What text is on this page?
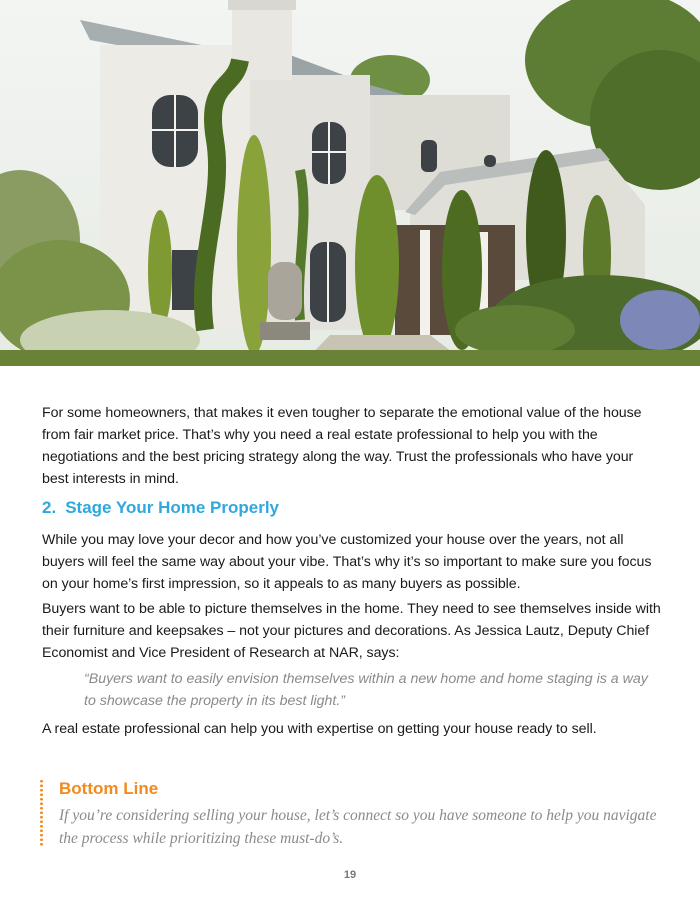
For some homeowners, that makes it even tougher to separate the emotional value of the house from fair market price. That’s why you need a real estate professional to help you with the negotiations and the best pricing strategy along the way. Trust the professionals who have your best interests in mind.

2. Stage Your Home Properly

While you may love your decor and how you’ve customized your house over the years, not all buyers will feel the same way about your vibe. That’s why it’s so important to make sure you focus on your home’s first impression, so it appeals to as many buyers as possible.

Buyers want to be able to picture themselves in the home. They need to see themselves inside with their furniture and keepsakes – not your pictures and decorations. As Jessica Lautz, Deputy Chief Economist and Vice President of Research at NAR, says:

“Buyers want to easily envision themselves within a new home and home staging is a way to showcase the property in its best light.”

A real estate professional can help you with expertise on getting your house ready to sell.

Bottom Line

If you’re considering selling your house, let’s connect so you have someone to help you navigate the process while prioritizing these must-do’s.

19
